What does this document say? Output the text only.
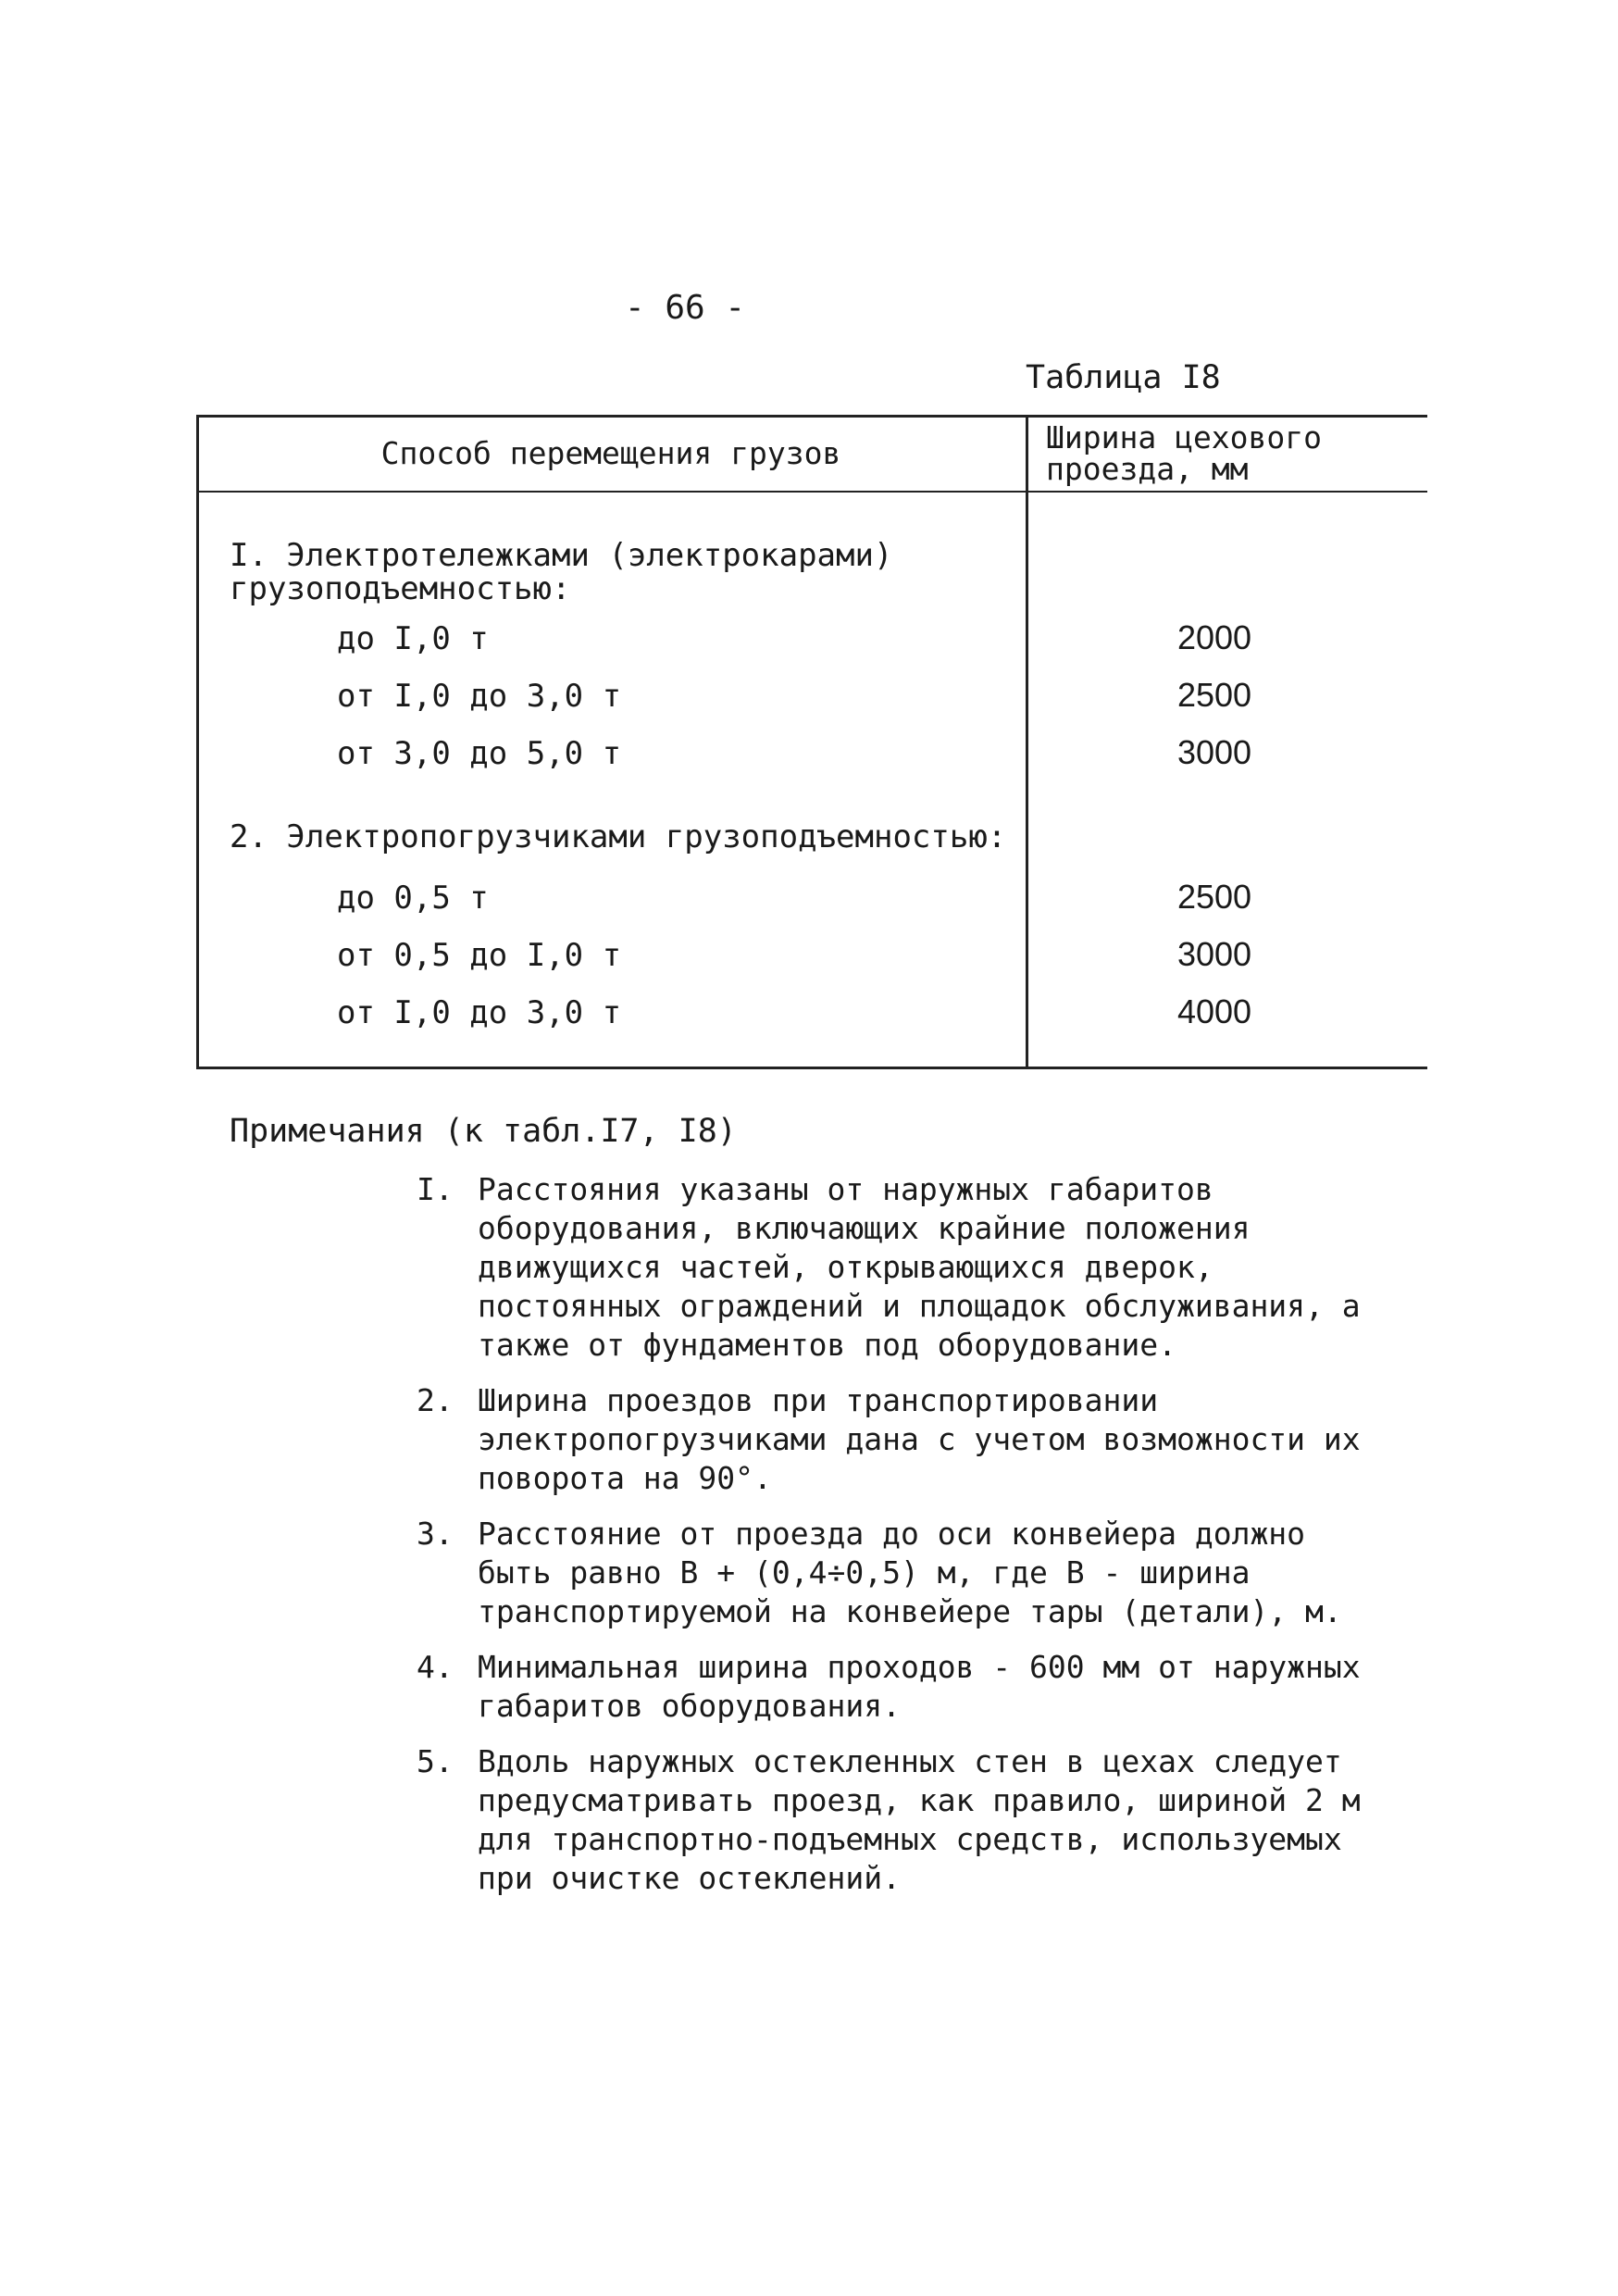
- 66 -
Таблица I8
Способ перемещения грузов	Ширина цехового проезда, мм
I. Электротележками (электрокарами) грузоподъемностью:
до I,0 т	2000
от I,0 до 3,0 т	2500
от 3,0 до 5,0 т	3000
2. Электропогрузчиками грузоподъемностью:
до 0,5 т	2500
от 0,5 до I,0 т	3000
от I,0 до 3,0 т	4000
Примечания (к табл.I7, I8)
I. Расстояния указаны от наружных габаритов оборудования, включающих крайние положения движущихся частей, открывающихся дверок, постоянных ограждений и площадок обслуживания, а также от фундаментов под оборудование.
2. Ширина проездов при транспортировании электропогрузчиками дана с учетом возможности их поворота на 90°.
3. Расстояние от проезда до оси конвейера должно быть равно В + (0,4÷0,5) м, где В - ширина транспортируемой на конвейере тары (детали), м.
4. Минимальная ширина проходов - 600 мм от наружных габаритов оборудования.
5. Вдоль наружных остекленных стен в цехах следует предусматривать проезд, как правило, шириной 2 м для транспортно-подъемных средств, используемых при очистке остеклений.
